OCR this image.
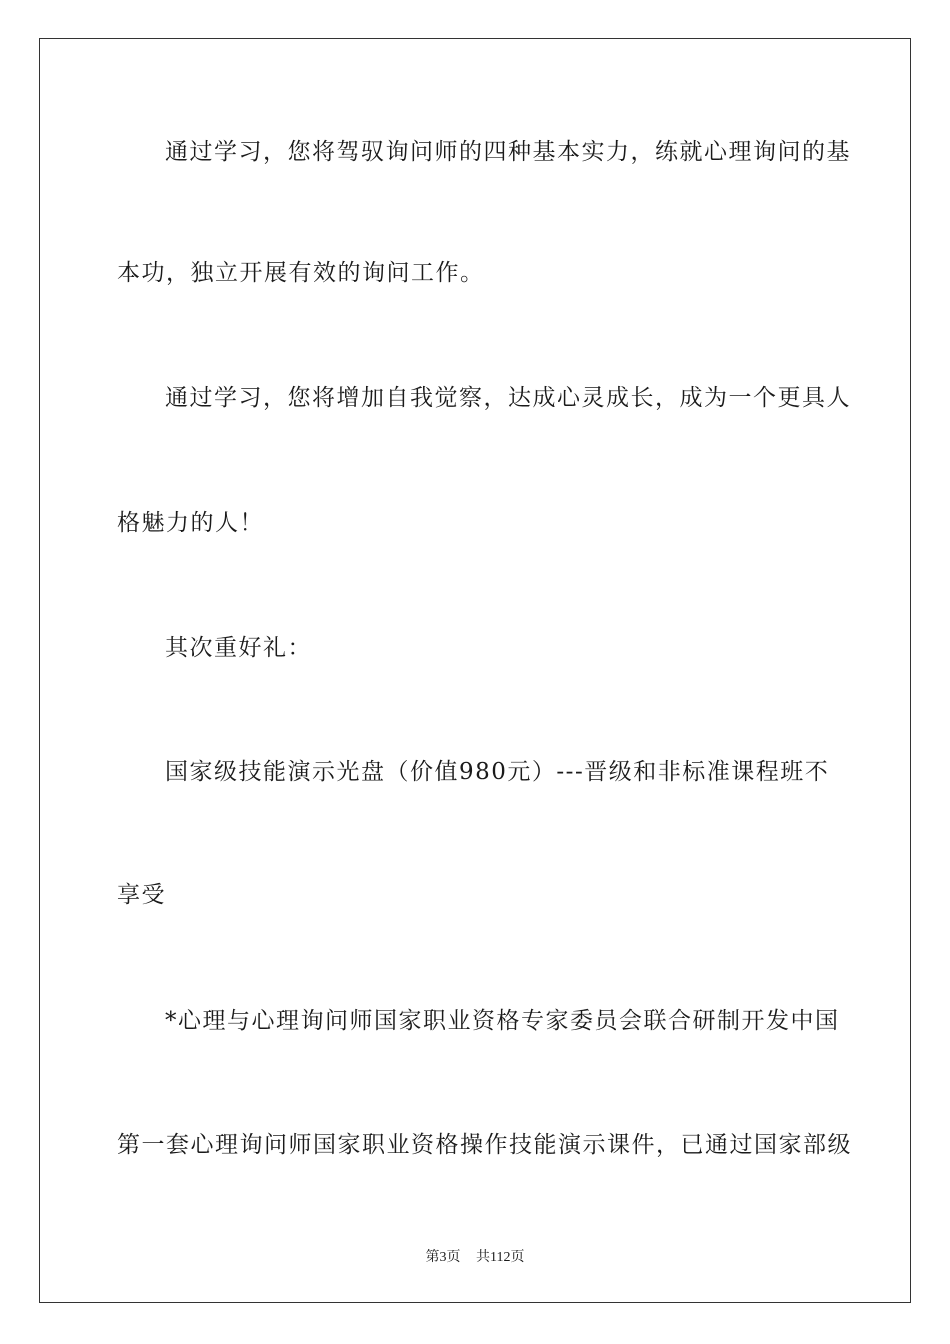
通过学习，您将驾驭询问师的四种基本实力，练就心理询问的基
本功，独立开展有效的询问工作。
通过学习，您将增加自我觉察，达成心灵成长，成为一个更具人
格魅力的人！
其次重好礼：
国家级技能演示光盘（价值980元）---晋级和非标准课程班不
享受
*心理与心理询问师国家职业资格专家委员会联合研制开发中国
第一套心理询问师国家职业资格操作技能演示课件，已通过国家部级
第3页 共112页
